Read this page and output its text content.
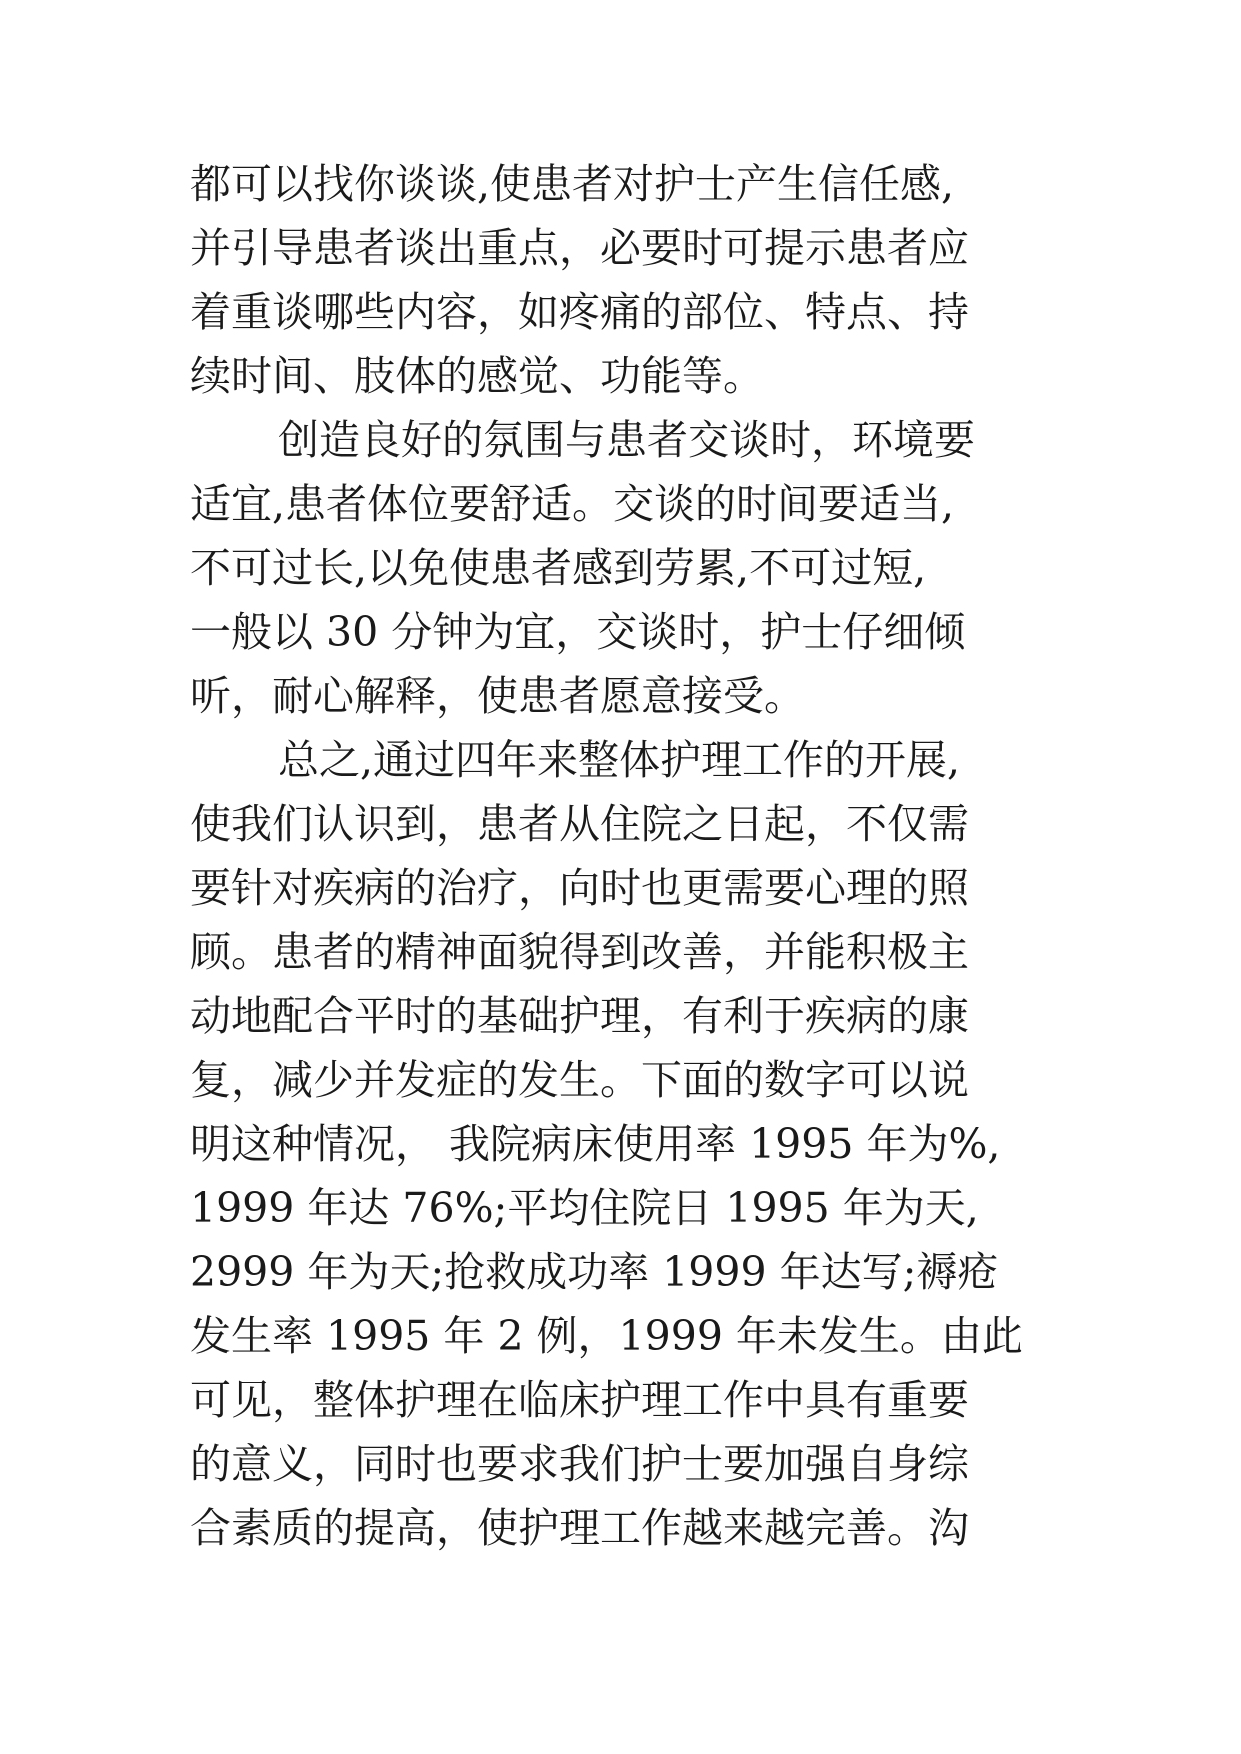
都可以找你谈谈,使患者对护士产生信任感,
并引导患者谈出重点，必要时可提示患者应
着重谈哪些内容，如疼痛的部位、特点、持
续时间、肢体的感觉、功能等。
创造良好的氛围与患者交谈时，环境要
适宜,患者体位要舒适。交谈的时间要适当,
不可过长,以免使患者感到劳累,不可过短,
一般以 30 分钟为宜，交谈时，护士仔细倾
听，耐心解释，使患者愿意接受。
总之,通过四年来整体护理工作的开展,
使我们认识到，患者从住院之日起，不仅需
要针对疾病的治疗，向时也更需要心理的照
顾。患者的精神面貌得到改善，并能积极主
动地配合平时的基础护理，有利于疾病的康
复，减少并发症的发生。下面的数字可以说
明这种情况， 我院病床使用率 1995 年为%,
1999 年达 76%;平均住院日 1995 年为天,
2999 年为天;抢救成功率 1999 年达写;褥疮
发生率 1995 年 2 例，1999 年未发生。由此
可见，整体护理在临床护理工作中具有重要
的意义，同时也要求我们护士要加强自身综
合素质的提高，使护理工作越来越完善。沟
